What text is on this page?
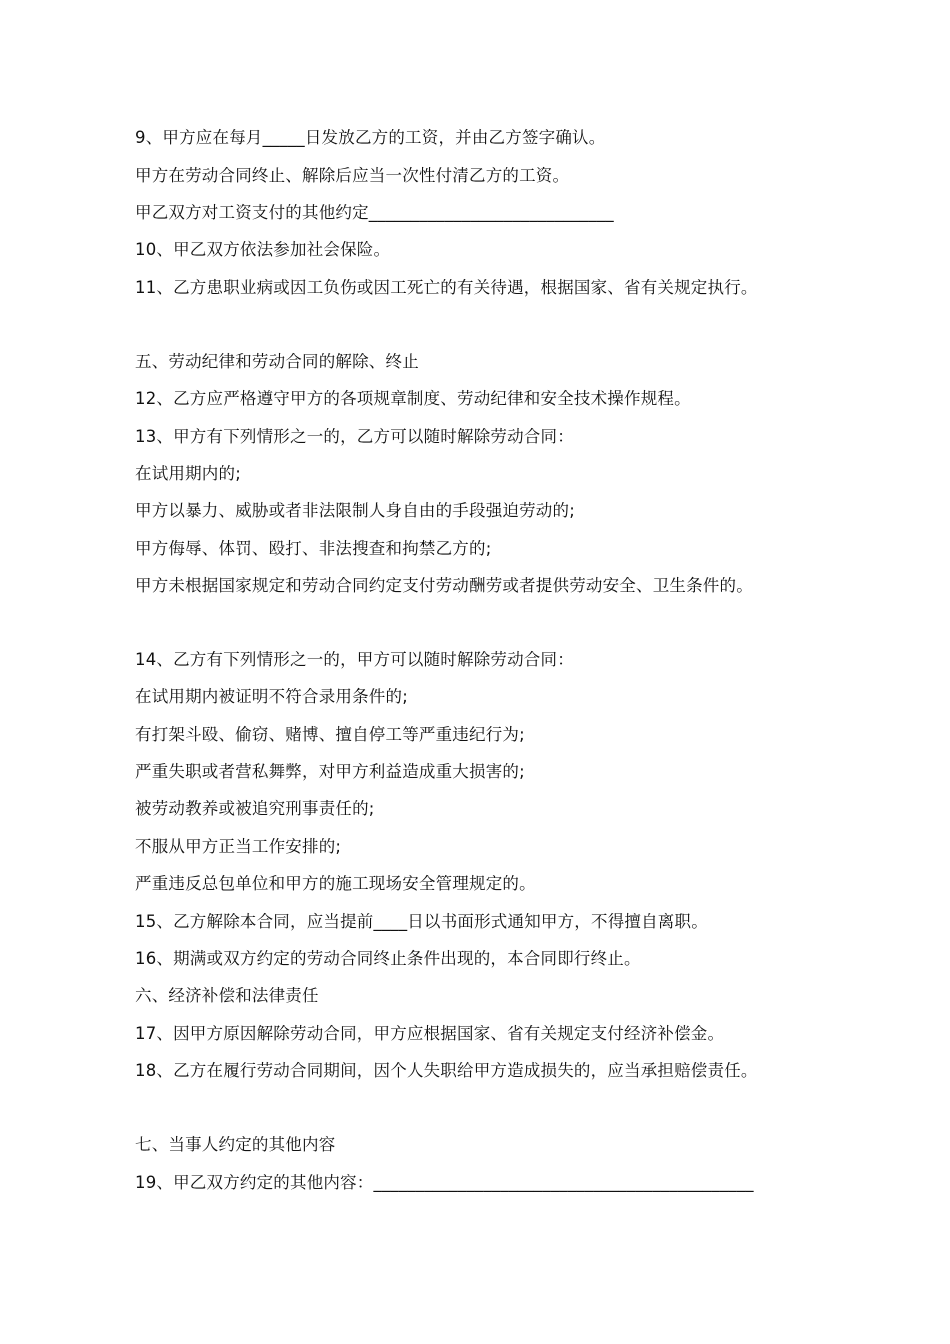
9、甲方应在每月_____日发放乙方的工资，并由乙方签字确认。
甲方在劳动合同终止、解除后应当一次性付清乙方的工资。
甲乙双方对工资支付的其他约定_____________________________
10、甲乙双方依法参加社会保险。
11、乙方患职业病或因工负伤或因工死亡的有关待遇，根据国家、省有关规定执行。
五、劳动纪律和劳动合同的解除、终止
12、乙方应严格遵守甲方的各项规章制度、劳动纪律和安全技术操作规程。
13、甲方有下列情形之一的，乙方可以随时解除劳动合同：
在试用期内的;
甲方以暴力、威胁或者非法限制人身自由的手段强迫劳动的;
甲方侮辱、体罚、殴打、非法搜查和拘禁乙方的;
甲方未根据国家规定和劳动合同约定支付劳动酬劳或者提供劳动安全、卫生条件的。
14、乙方有下列情形之一的，甲方可以随时解除劳动合同：
在试用期内被证明不符合录用条件的;
有打架斗殴、偷窃、赌博、擅自停工等严重违纪行为;
严重失职或者营私舞弊，对甲方利益造成重大损害的;
被劳动教养或被追究刑事责任的;
不服从甲方正当工作安排的;
严重违反总包单位和甲方的施工现场安全管理规定的。
15、乙方解除本合同，应当提前____日以书面形式通知甲方，不得擅自离职。
16、期满或双方约定的劳动合同终止条件出现的，本合同即行终止。
六、经济补偿和法律责任
17、因甲方原因解除劳动合同，甲方应根据国家、省有关规定支付经济补偿金。
18、乙方在履行劳动合同期间，因个人失职给甲方造成损失的，应当承担赔偿责任。
七、当事人约定的其他内容
19、甲乙双方约定的其他内容：_____________________________________________
